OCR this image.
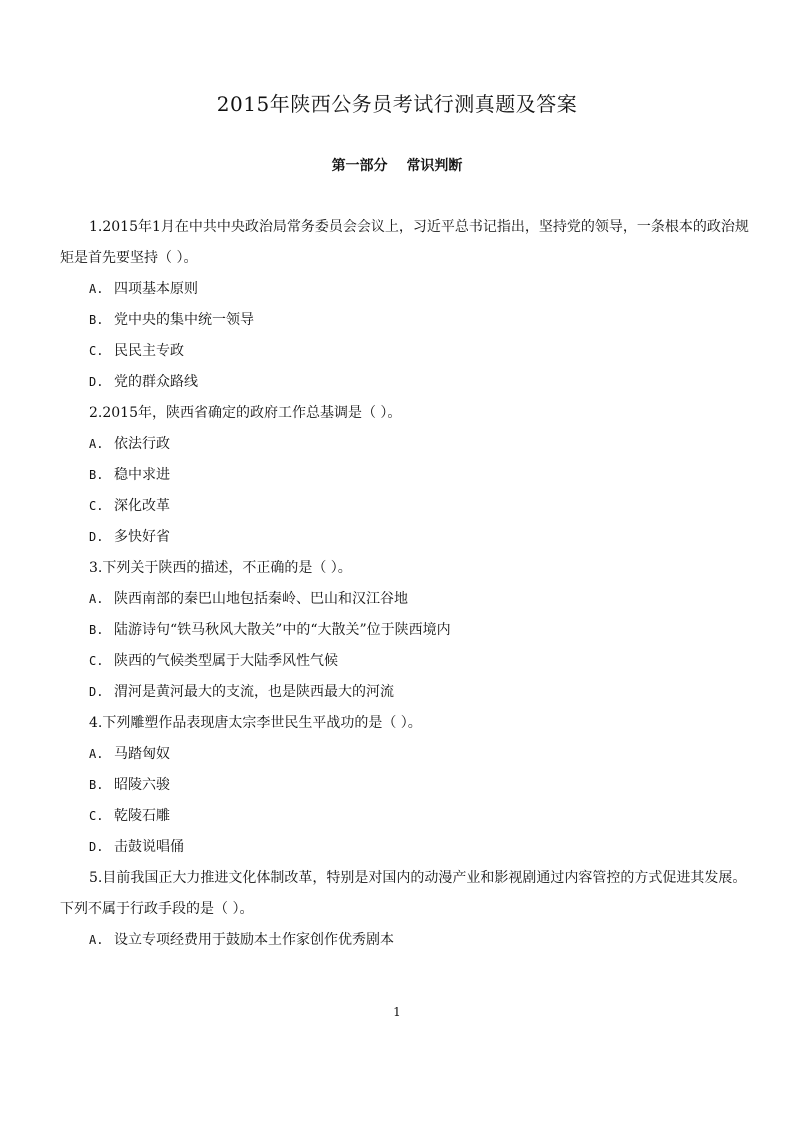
2015年陕西公务员考试行测真题及答案
第一部分 常识判断
1.2015年1月在中共中央政治局常务委员会会议上，习近平总书记指出，坚持党的领导，一条根本的政治规
矩是首先要坚持（ ）。
A. 四项基本原则
B. 党中央的集中统一领导
C. 民民主专政
D. 党的群众路线
2.2015年，陕西省确定的政府工作总基调是（ ）。
A. 依法行政
B. 稳中求进
C. 深化改革
D. 多快好省
3.下列关于陕西的描述，不正确的是（ ）。
A. 陕西南部的秦巴山地包括秦岭、巴山和汉江谷地
B. 陆游诗句“铁马秋风大散关”中的“大散关”位于陕西境内
C. 陕西的气候类型属于大陆季风性气候
D. 渭河是黄河最大的支流，也是陕西最大的河流
4.下列雕塑作品表现唐太宗李世民生平战功的是（ ）。
A. 马踏匈奴
B. 昭陵六骏
C. 乾陵石雕
D. 击鼓说唱俑
5.目前我国正大力推进文化体制改革，特别是对国内的动漫产业和影视剧通过内容管控的方式促进其发展。
下列不属于行政手段的是（ ）。
A. 设立专项经费用于鼓励本土作家创作优秀剧本
1
